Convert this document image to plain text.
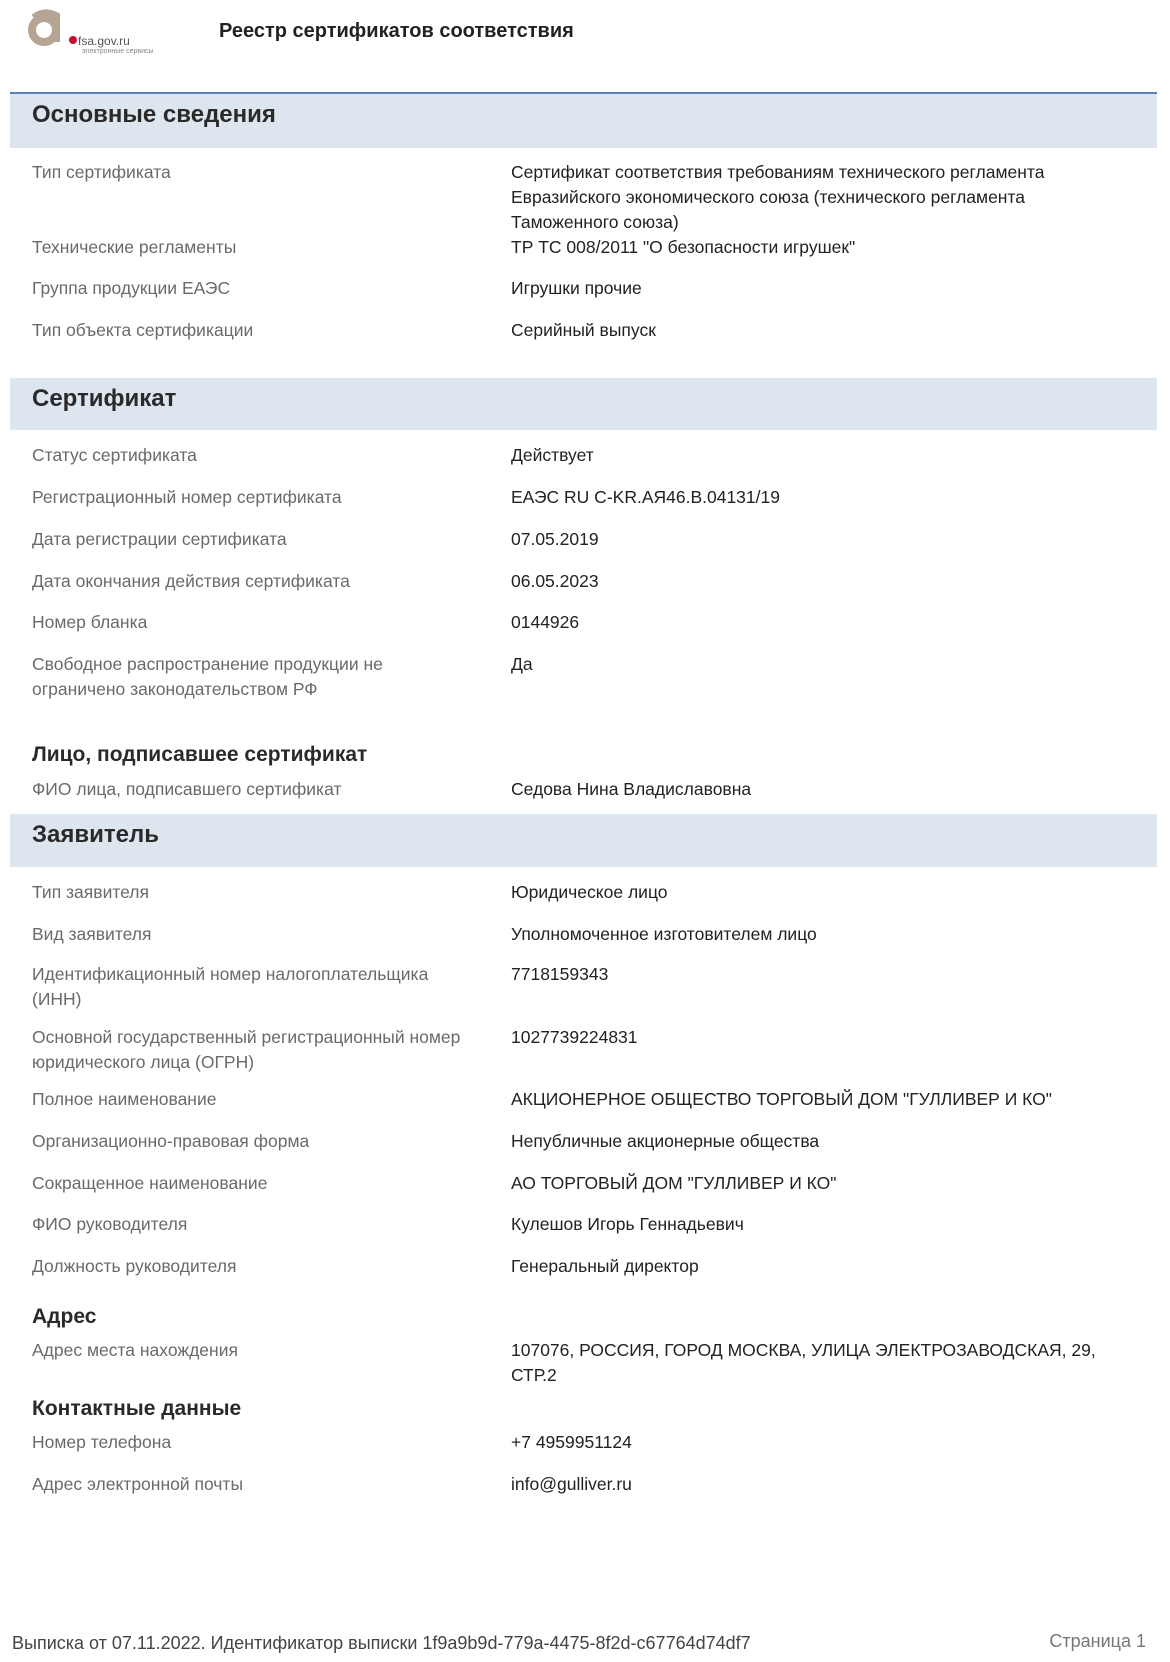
fsa.gov.ru
электронные сервисы
Реестр сертификатов соответствия
Основные сведения
Тип сертификата	Сертификат соответствия требованиям технического регламента Евразийского экономического союза (технического регламента Таможенного союза)
Технические регламенты	ТР ТС 008/2011 "О безопасности игрушек"
Группа продукции ЕАЭС	Игрушки прочие
Тип объекта сертификации	Серийный выпуск
Сертификат
Статус сертификата	Действует
Регистрационный номер сертификата	ЕАЭС RU С-KR.АЯ46.В.04131/19
Дата регистрации сертификата	07.05.2019
Дата окончания действия сертификата	06.05.2023
Номер бланка	0144926
Свободное распространение продукции не ограничено законодательством РФ
Да
Лицо, подписавшее сертификат
ФИО лица, подписавшего сертификат	Седова Нина Владиславовна
Заявитель
Тип заявителя	Юридическое лицо
Вид заявителя	Уполномоченное изготовителем лицо
Идентификационный номер налогоплательщика (ИНН)
7718159343
Основной государственный регистрационный номер юридического лица (ОГРН)
1027739224831
Полное наименование	АКЦИОНЕРНОЕ ОБЩЕСТВО ТОРГОВЫЙ ДОМ "ГУЛЛИВЕР И КО"
Организационно-правовая форма	Непубличные акционерные общества
Сокращенное наименование	АО ТОРГОВЫЙ ДОМ "ГУЛЛИВЕР И КО"
ФИО руководителя	Кулешов Игорь Геннадьевич
Должность руководителя	Генеральный директор
Адрес
Адрес места нахождения	107076, РОССИЯ, ГОРОД МОСКВА, УЛИЦА ЭЛЕКТРОЗАВОДСКАЯ, 29, СТР.2
Контактные данные
Номер телефона	+7 4959951124
Адрес электронной почты	info@gulliver.ru
Выписка от 07.11.2022. Идентификатор выписки 1f9a9b9d-779a-4475-8f2d-c67764d74df7	Страница 1
